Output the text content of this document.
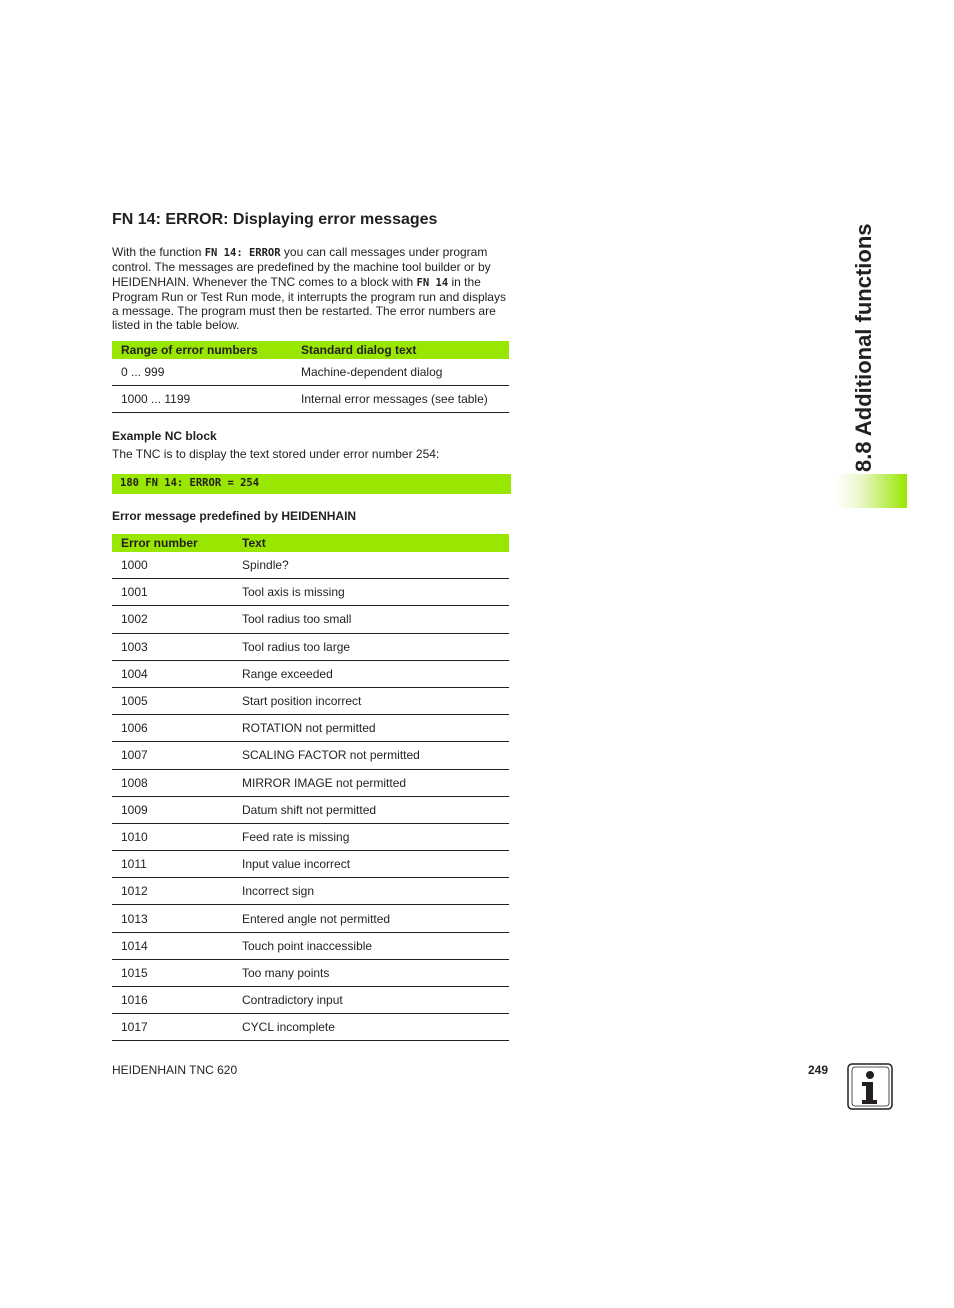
FN 14: ERROR: Displaying error messages

With the function FN 14: ERROR you can call messages under program control. The messages are predefined by the machine tool builder or by HEIDENHAIN. Whenever the TNC comes to a block with FN 14 in the Program Run or Test Run mode, it interrupts the program run and displays a message. The program must then be restarted. The error numbers are listed in the table below.

Range of error numbers	Standard dialog text
0 ... 999	Machine-dependent dialog
1000 ... 1199	Internal error messages (see table)

Example NC block

The TNC is to display the text stored under error number 254:

180 FN 14: ERROR = 254

Error message predefined by HEIDENHAIN

Error number	Text
1000	Spindle?
1001	Tool axis is missing
1002	Tool radius too small
1003	Tool radius too large
1004	Range exceeded
1005	Start position incorrect
1006	ROTATION not permitted
1007	SCALING FACTOR not permitted
1008	MIRROR IMAGE not permitted
1009	Datum shift not permitted
1010	Feed rate is missing
1011	Input value incorrect
1012	Incorrect sign
1013	Entered angle not permitted
1014	Touch point inaccessible
1015	Too many points
1016	Contradictory input
1017	CYCL incomplete
HEIDENHAIN TNC 620	249
8.8 Additional functions
